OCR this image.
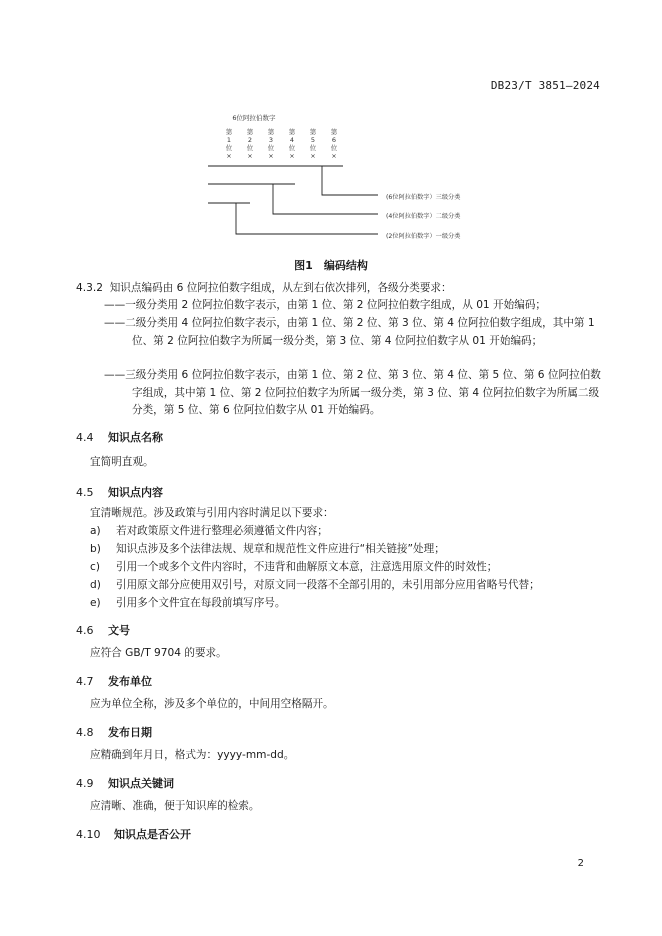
DB23/T 3851—2024
6位阿拉伯数字
第
1
位
×
第
2
位
×
第
3
位
×
第
4
位
×
第
5
位
×
第
6
位
×
(6位阿拉伯数字）三级分类
(4位阿拉伯数字）二级分类
(2位阿拉伯数字）一级分类
图1　编码结构
4.3.2 知识点编码由 6 位阿拉伯数字组成，从左到右依次排列，各级分类要求：
——一级分类用 2 位阿拉伯数字表示，由第 1 位、第 2 位阿拉伯数字组成，从 01 开始编码；
——二级分类用 4 位阿拉伯数字表示，由第 1 位、第 2 位、第 3 位、第 4 位阿拉伯数字组成，其中第 1 位、第 2 位阿拉伯数字为所属一级分类，第 3 位、第 4 位阿拉伯数字从 01 开始编码；
——三级分类用 6 位阿拉伯数字表示，由第 1 位、第 2 位、第 3 位、第 4 位、第 5 位、第 6 位阿拉伯数字组成，其中第 1 位、第 2 位阿拉伯数字为所属一级分类，第 3 位、第 4 位阿拉伯数字为所属二级分类，第 5 位、第 6 位阿拉伯数字从 01 开始编码。
4.4 知识点名称
宜简明直观。
4.5 知识点内容
宜清晰规范。涉及政策与引用内容时满足以下要求：
a) 若对政策原文件进行整理必须遵循文件内容；
b) 知识点涉及多个法律法规、规章和规范性文件应进行“相关链接”处理；
c) 引用一个或多个文件内容时，不违背和曲解原文本意，注意选用原文件的时效性；
d) 引用原文部分应使用双引号，对原文同一段落不全部引用的，未引用部分应用省略号代替；
e) 引用多个文件宜在每段前填写序号。
4.6 文号
应符合 GB/T 9704 的要求。
4.7 发布单位
应为单位全称，涉及多个单位的，中间用空格隔开。
4.8 发布日期
应精确到年月日，格式为：yyyy-mm-dd。
4.9 知识点关键词
应清晰、准确，便于知识库的检索。
4.10 知识点是否公开
2
